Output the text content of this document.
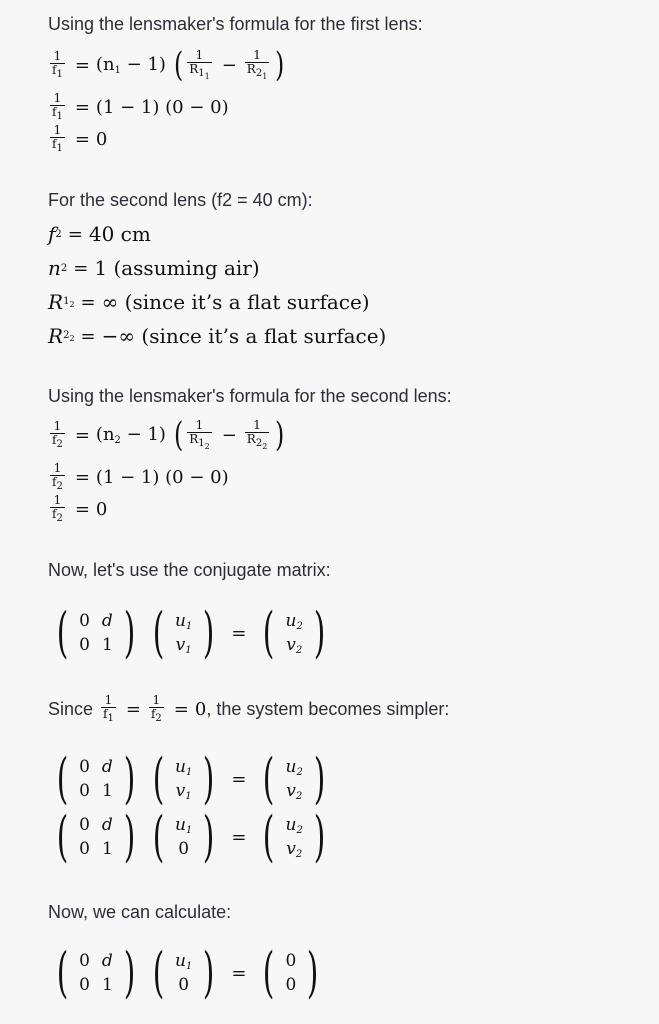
Using the lensmaker's formula for the first lens:
$\frac{1}{f_1} = (n_1 - 1)$ ( $\frac{1}{R_{1_1}} - \frac{1}{R_{2_1}}$ )
$\frac{1}{f_1} = (1 - 1) (0 - 0)$
$\frac{1}{f_1} = 0$
For the second lens (f2 = 40 cm):
f 2 = 40 cm
n 2 = 1 (assuming air)
R $1_2$ = ∞ (since it’s a flat surface)
R $2_2$ = −∞ (since it’s a flat surface)
Using the lensmaker's formula for the second lens:
$\frac{1}{f_2} = (n_2 - 1)$ ( $\frac{1}{R_{1_2}} - \frac{1}{R_{2_2}}$ )
$\frac{1}{f_2} = (1 - 1) (0 - 0)$
$\frac{1}{f_2} = 0$
Now, let's use the conjugate matrix:
( 0	d
0	1 ) ( $u_1$
$v_1$ ) = ( $u_2$
$v_2$ )
Since $\frac{1}{f_1} = \frac{1}{f_2} = 0$ , the system becomes simpler:
( 0	d
0	1 ) ( $u_1$
$v_1$ ) = ( $u_2$
$v_2$ )
( 0	d
0	1 ) ( $u_1$
0 ) = ( $u_2$
$v_2$ )
Now, we can calculate:
( 0	d
0	1 ) ( $u_1$
0 ) = ( 0
0 )
